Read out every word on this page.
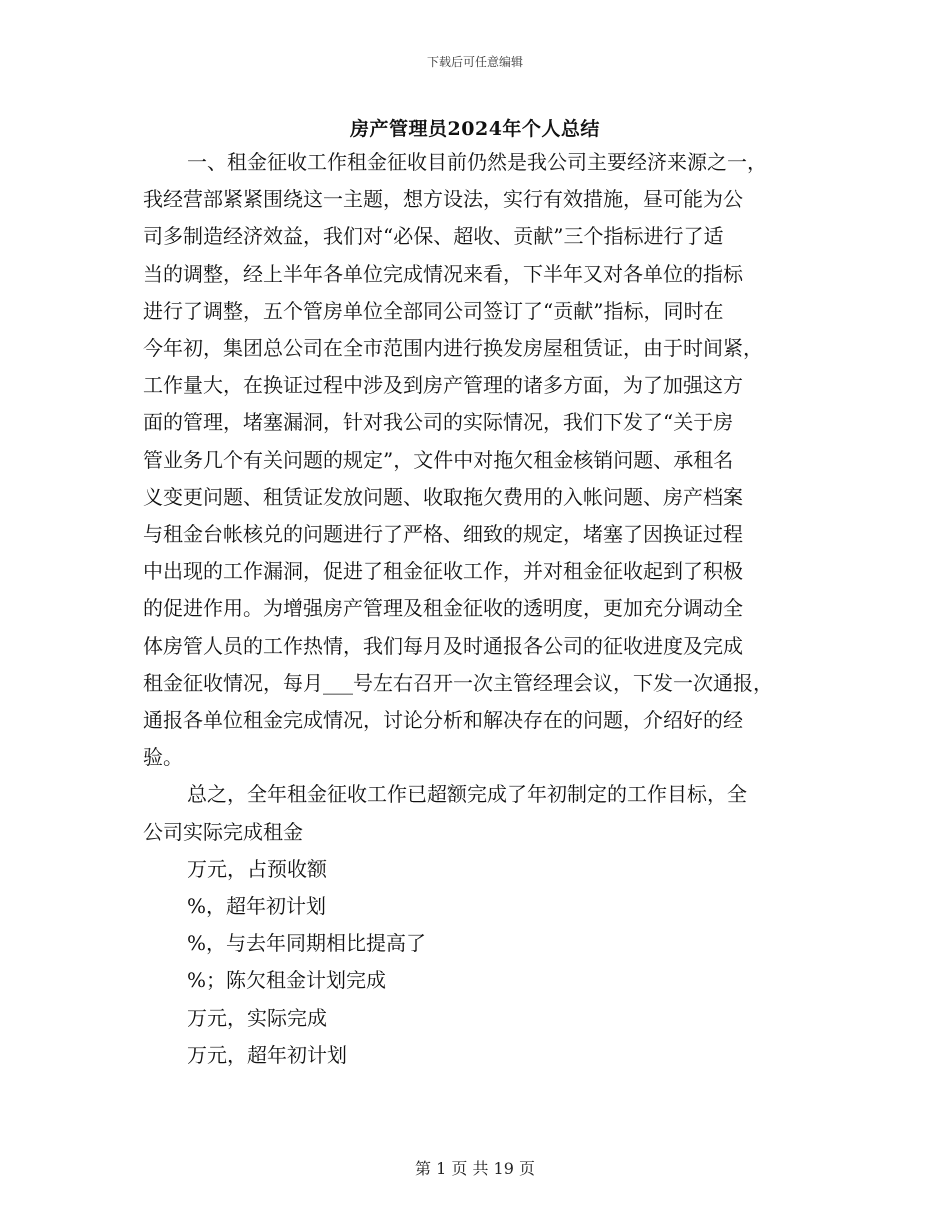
下载后可任意编辑
房产管理员2024年个人总结
一、租金征收工作租金征收目前仍然是我公司主要经济来源之一，
我经营部紧紧围绕这一主题，想方设法，实行有效措施，昼可能为公
司多制造经济效益，我们对“必保、超收、贡献”三个指标进行了适
当的调整，经上半年各单位完成情况来看，下半年又对各单位的指标
进行了调整，五个管房单位全部同公司签订了“贡献”指标，同时在
今年初，集团总公司在全市范围内进行换发房屋租赁证，由于时间紧，
工作量大，在换证过程中涉及到房产管理的诸多方面，为了加强这方
面的管理，堵塞漏洞，针对我公司的实际情况，我们下发了“关于房
管业务几个有关问题的规定”，文件中对拖欠租金核销问题、承租名
义变更问题、租赁证发放问题、收取拖欠费用的入帐问题、房产档案
与租金台帐核兑的问题进行了严格、细致的规定，堵塞了因换证过程
中出现的工作漏洞，促进了租金征收工作，并对租金征收起到了积极
的促进作用。为增强房产管理及租金征收的透明度，更加充分调动全
体房管人员的工作热情，我们每月及时通报各公司的征收进度及完成
租金征收情况，每月___号左右召开一次主管经理会议，下发一次通报，
通报各单位租金完成情况，讨论分析和解决存在的问题，介绍好的经
验。
总之，全年租金征收工作已超额完成了年初制定的工作目标，全
公司实际完成租金
万元，占预收额
%，超年初计划
%，与去年同期相比提高了
%；陈欠租金计划完成
万元，实际完成
万元，超年初计划
第 1 页 共 19 页
